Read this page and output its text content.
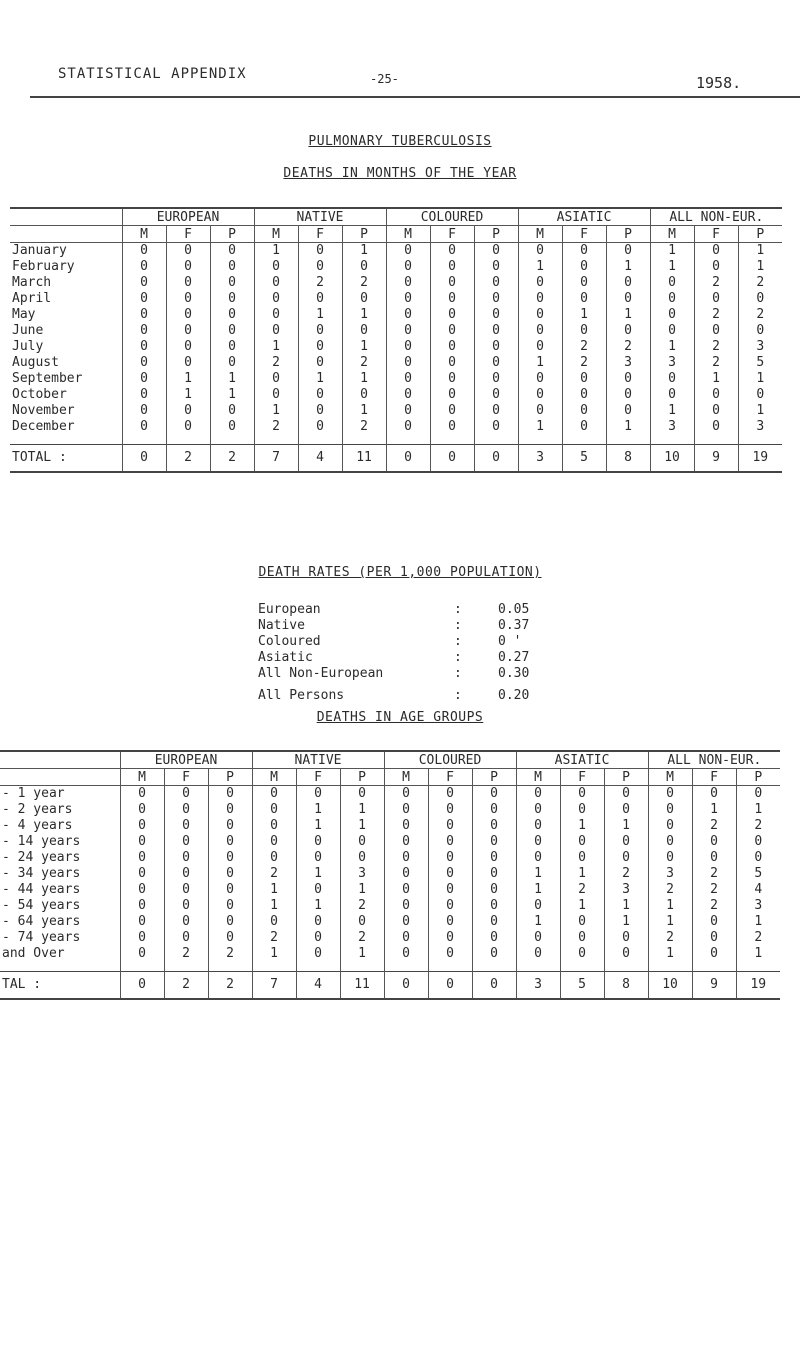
STATISTICAL APPENDIX	-25-	1958.
PULMONARY TUBERCULOSIS
DEATHS IN MONTHS OF THE YEAR
	EUROPEAN			NATIVE			COLOURED			ASIATIC			ALL NON-EUR.		
	M	F	P	M	F	P	M	F	P	M	F	P	M	F	P
January	0	0	0	1	0	1	0	0	0	0	0	0	1	0	1
February	0	0	0	0	0	0	0	0	0	1	0	1	1	0	1
March	0	0	0	0	2	2	0	0	0	0	0	0	0	2	2
April	0	0	0	0	0	0	0	0	0	0	0	0	0	0	0
May	0	0	0	0	1	1	0	0	0	0	1	1	0	2	2
June	0	0	0	0	0	0	0	0	0	0	0	0	0	0	0
July	0	0	0	1	0	1	0	0	0	0	2	2	1	2	3
August	0	0	0	2	0	2	0	0	0	1	2	3	3	2	5
September	0	1	1	0	1	1	0	0	0	0	0	0	0	1	1
October	0	1	1	0	0	0	0	0	0	0	0	0	0	0	0
November	0	0	0	1	0	1	0	0	0	0	0	0	1	0	1
December	0	0	0	2	0	2	0	0	0	1	0	1	3	0	3
TOTAL :	0	2	2	7	4	11	0	0	0	3	5	8	10	9	19
DEATH RATES (PER 1,000 POPULATION)
European	:	0.05
Native	:	0.37
Coloured	:	0 '
Asiatic	:	0.27
All Non-European	:	0.30
All Persons	:	0.20
DEATHS IN AGE GROUPS
	EUROPEAN			NATIVE			COLOURED			ASIATIC			ALL NON-EUR.		
	M	F	P	M	F	P	M	F	P	M	F	P	M	F	P
- 1 year	0	0	0	0	0	0	0	0	0	0	0	0	0	0	0
- 2 years	0	0	0	0	1	1	0	0	0	0	0	0	0	1	1
- 4 years	0	0	0	0	1	1	0	0	0	0	1	1	0	2	2
- 14 years	0	0	0	0	0	0	0	0	0	0	0	0	0	0	0
- 24 years	0	0	0	0	0	0	0	0	0	0	0	0	0	0	0
- 34 years	0	0	0	2	1	3	0	0	0	1	1	2	3	2	5
- 44 years	0	0	0	1	0	1	0	0	0	1	2	3	2	2	4
- 54 years	0	0	0	1	1	2	0	0	0	0	1	1	1	2	3
- 64 years	0	0	0	0	0	0	0	0	0	1	0	1	1	0	1
- 74 years	0	0	0	2	0	2	0	0	0	0	0	0	2	0	2
and Over	0	2	2	1	0	1	0	0	0	0	0	0	1	0	1
TAL :	0	2	2	7	4	11	0	0	0	3	5	8	10	9	19
